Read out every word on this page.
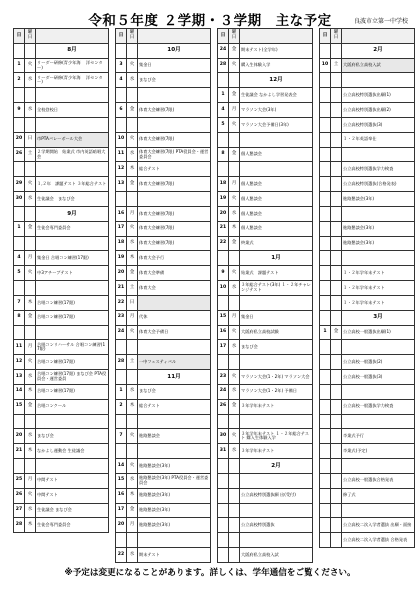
令和５年度 ２学期・３学期　主な予定	良波市立第一中学校
日	曜日	
		8月
1	火	リーダー研修(青少年海 　洋センター)
2	水	リーダー研修(青少年海 　洋センター)

9	水	全校登校日

20	日	市PTAバレーボール大会
26	土	２学期開始　始業式 市内英語暗唱大会

29	火	１,２年　課題テスト ３年総合テスト
30	水	生徒議会　まなび会
		9月
1	金	生徒会専門委員会

4	月	集金日 合唱コン練習(17限)
5	火	中3アチーブテスト

7	木	合唱コン練習(17限)
8	金	合唱コン練習(17限)

11	月	合唱コンリハーサル 合唱コン練習(17限)
12	火	合唱コン練習(17限)
13	水	合唱コン練習(17限) まなび会 PTA役員会・運営委員
14	木	合唱コン練習(17限)
15	金	合唱コンクール

20	水	まなび会
21	木	なかよし運動会 生徒議会

25	月	中間テスト
26	火	中間テスト
27	水	生徒議会 まなび会
28	木	生徒会専門委員会
日	曜日	
		10月
3	火	集金日
4	水	まなび会

6	金	体育大会練習(7限)

10	火	体育大会練習(7限)
11	水	体育大会練習(7限) PTA役員会・運営委員会
12	木	総合テスト
13	金	体育大会練習(7限)

16	月	体育大会練習(7限)
17	火	体育大会練習(7限)
18	水	体育大会練習(7限)
19	木	体育大会予行
20	金	体育大会準備
21	土	体育大会
22	日	
23	月	代休
24	火	体育大会予備日

28	土	一中フェスティバル
		11月
1	水	まなび会
2	木	総合テスト

7	火	進路懇談会

14	火	進路懇談会(3年)
15	水	進路懇談会(3年) PTA役員会・運営委員会
16	木	進路懇談会(3年)
17	金	進路懇談会(3年)
20	月	進路懇談会(3年)

22	水	期末テスト
日	曜日	
24	金	期末テスト(全学年)
28	火	購入生体験入学
		12月
1	金	生徒議会 なかよし学習発表会
4	月	マラソン大会(3年)
5	火	マラソン大会予備日(3年)

8	金	個人懇談会

18	月	個人懇談会
19	火	個人懇談会
20	水	個人懇談会
21	木	個人懇談会
22	金	終業式
		1月
9	火	始業式　課題テスト
10	水	３年総合テスト(3年) １・２年チャレンジテスト

15	月	集金日
16	火	大阪府私立高校試験
17	水	まなび会

23	火	マラソン大会(1・2年) マラソン大会
24	水	マラソン大会(1・2年) 予備日
26	金	３年学年末テスト

30	火	３年学年末テスト １・２年総合テスト 購入生体験入学
31	水	３年学年末テスト
		2月

		公立高校特別選抜願 出(受付)

		公立高校特別選抜

		大阪府私立高校入試
日	曜日	
		2月
10	土	大阪府私立高校入試

		公立高校特別選抜出願(1)
		公立高校特別選抜出願(2)
		公立高校特別選抜(3)
		１・２年英語奉仕

		公立高校特別選抜学力検査
		公立高校特別選抜(合格発表)
		進路懇談会(3年)

		進路懇談会(3年)
		進路懇談会(3年)

		１・２年学年末テスト
		１・２年学年末テスト
		１・２年学年末テスト
		3月
1	金	公立高校一般選抜出願(1)

		公立高校一般選抜(2)
		公立高校一般選抜(3)

		公立高校一般選抜学力検査

		卒業式予行
		卒業式(予定)

		公立高校一般選抜合格発表
		修了式

		公立高校二次入学者選抜 出願・面接
		公立高校二次入学者選抜 合格発表
※予定は変更になることがあります。詳しくは、学年通信をご覧ください。
